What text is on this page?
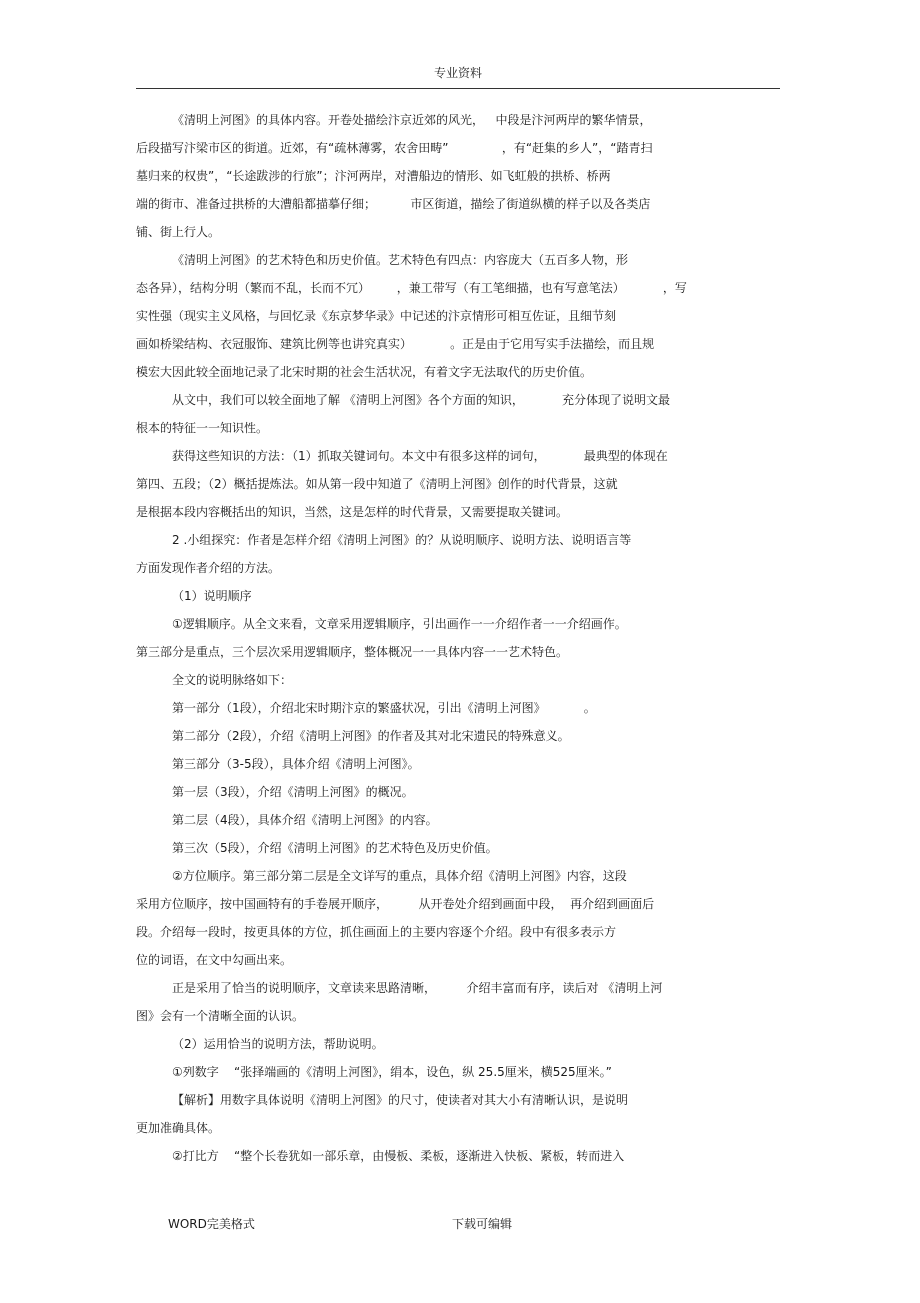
专业资料
《清明上河图》的具体内容。开卷处描绘汴京近郊的风光，   中段是汴河两岸的繁华情景，
后段描写汴梁市区的街道。近郊，有“疏林薄雾，农舍田畴”              ，有“赶集的乡人”，“踏青扫
墓归来的权贵”，“长途跋涉的行旅”；汴河两岸，对漕船边的情形、如飞虹般的拱桥、桥两
端的街市、准备过拱桥的大漕船都描摹仔细；         市区街道，描绘了街道纵横的样子以及各类店
铺、街上行人。
《清明上河图》的艺术特色和历史价值。艺术特色有四点：内容庞大（五百多人物，形
态各异），结构分明（繁而不乱，长而不冗）       ，兼工带写（有工笔细描，也有写意笔法）          ，写
实性强（现实主义风格，与回忆录《东京梦华录》中记述的汴京情形可相互佐证，且细节刻
画如桥梁结构、衣冠服饰、建筑比例等也讲究真实）          。正是由于它用写实手法描绘，而且规
模宏大因此较全面地记录了北宋时期的社会生活状况，有着文字无法取代的历史价值。
从文中，我们可以较全面地了解 《清明上河图》各个方面的知识，          充分体现了说明文最
根本的特征一一知识性。
获得这些知识的方法：（1）抓取关键词句。本文中有很多这样的词句，          最典型的体现在
第四、五段；（2）概括提炼法。如从第一段中知道了《清明上河图》创作的时代背景，这就
是根据本段内容概括出的知识，当然，这是怎样的时代背景，又需要提取关键词。
2 .小组探究：作者是怎样介绍《清明上河图》的？从说明顺序、说明方法、说明语言等
方面发现作者介绍的方法。
（1）说明顺序
①逻辑顺序。从全文来看，文章采用逻辑顺序，引出画作一一介绍作者一一介绍画作。
第三部分是重点，三个层次采用逻辑顺序，整体概况一一具体内容一一艺术特色。
全文的说明脉络如下：
第一部分（1段），介绍北宋时期汴京的繁盛状况，引出《清明上河图》          。
第二部分（2段），介绍《清明上河图》的作者及其对北宋遗民的特殊意义。
第三部分（3-5段），具体介绍《清明上河图》。
第一层（3段），介绍《清明上河图》的概况。
第二层（4段），具体介绍《清明上河图》的内容。
第三次（5段），介绍《清明上河图》的艺术特色及历史价值。
②方位顺序。第三部分第二层是全文详写的重点，具体介绍《清明上河图》内容，这段
采用方位顺序，按中国画特有的手卷展开顺序，        从开卷处介绍到画面中段，  再介绍到画面后
段。介绍每一段时，按更具体的方位，抓住画面上的主要内容逐个介绍。段中有很多表示方
位的词语，在文中勾画出来。
正是采用了恰当的说明顺序，文章读来思路清晰，        介绍丰富而有序，读后对 《清明上河
图》会有一个清晰全面的认识。
（2）运用恰当的说明方法，帮助说明。
①列数字    “张择端画的《清明上河图》，绢本，设色，纵 25.5厘米，横525厘米。”
【解析】用数字具体说明《清明上河图》的尺寸，使读者对其大小有清晰认识，是说明
更加准确具体。
②打比方    “整个长卷犹如一部乐章，由慢板、柔板，逐渐进入快板、紧板，转而进入
WORD完美格式	下载可编辑
